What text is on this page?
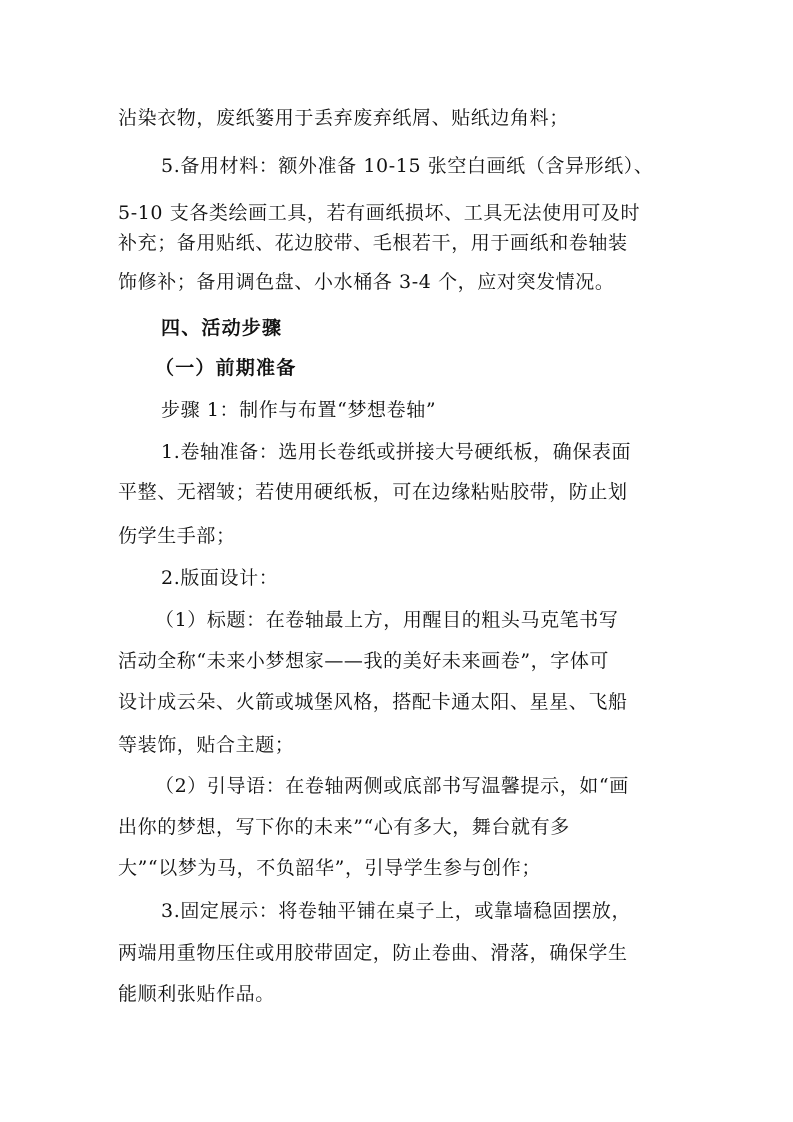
沾染衣物，废纸篓用于丢弃废弃纸屑、贴纸边角料；
5.备用材料：额外准备 10-15 张空白画纸（含异形纸）、
5-10 支各类绘画工具，若有画纸损坏、工具无法使用可及时
补充；备用贴纸、花边胶带、毛根若干，用于画纸和卷轴装
饰修补；备用调色盘、小水桶各 3-4 个，应对突发情况。
四、活动步骤
（一）前期准备
步骤 1：制作与布置“梦想卷轴”
1.卷轴准备：选用长卷纸或拼接大号硬纸板，确保表面
平整、无褶皱；若使用硬纸板，可在边缘粘贴胶带，防止划
伤学生手部；
2.版面设计：
（1）标题：在卷轴最上方，用醒目的粗头马克笔书写
活动全称“未来小梦想家——我的美好未来画卷”，字体可
设计成云朵、火箭或城堡风格，搭配卡通太阳、星星、飞船
等装饰，贴合主题；
（2）引导语：在卷轴两侧或底部书写温馨提示，如“画
出你的梦想，写下你的未来”“心有多大，舞台就有多
大”“以梦为马，不负韶华”，引导学生参与创作；
3.固定展示：将卷轴平铺在桌子上，或靠墙稳固摆放，
两端用重物压住或用胶带固定，防止卷曲、滑落，确保学生
能顺利张贴作品。
